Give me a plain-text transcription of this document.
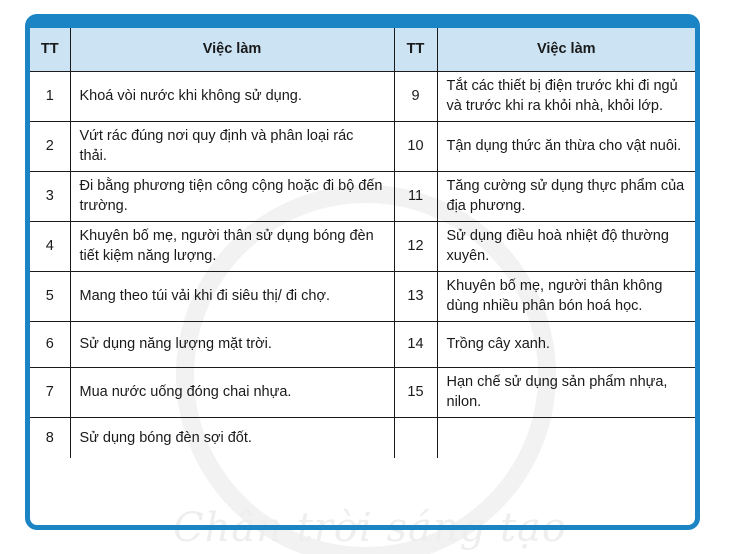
Chân trời sáng tạo
TT	Việc làm	TT	Việc làm
1	Khoá vòi nước khi không sử dụng.	9	Tắt các thiết bị điện trước khi đi ngủ và trước khi ra khỏi nhà, khỏi lớp.
2	Vứt rác đúng nơi quy định và phân loại rác thải.	10	Tận dụng thức ăn thừa cho vật nuôi.
3	Đi bằng phương tiện công cộng hoặc đi bộ đến trường.	11	Tăng cường sử dụng thực phẩm của địa phương.
4	Khuyên bố mẹ, người thân sử dụng bóng đèn tiết kiệm năng lượng.	12	Sử dụng điều hoà nhiệt độ thường xuyên.
5	Mang theo túi vải khi đi siêu thị/ đi chợ.	13	Khuyên bố mẹ, người thân không dùng nhiều phân bón hoá học.
6	Sử dụng năng lượng mặt trời.	14	Trồng cây xanh.
7	Mua nước uống đóng chai nhựa.	15	Hạn chế sử dụng sản phẩm nhựa, nilon.
8	Sử dụng bóng đèn sợi đốt.		
